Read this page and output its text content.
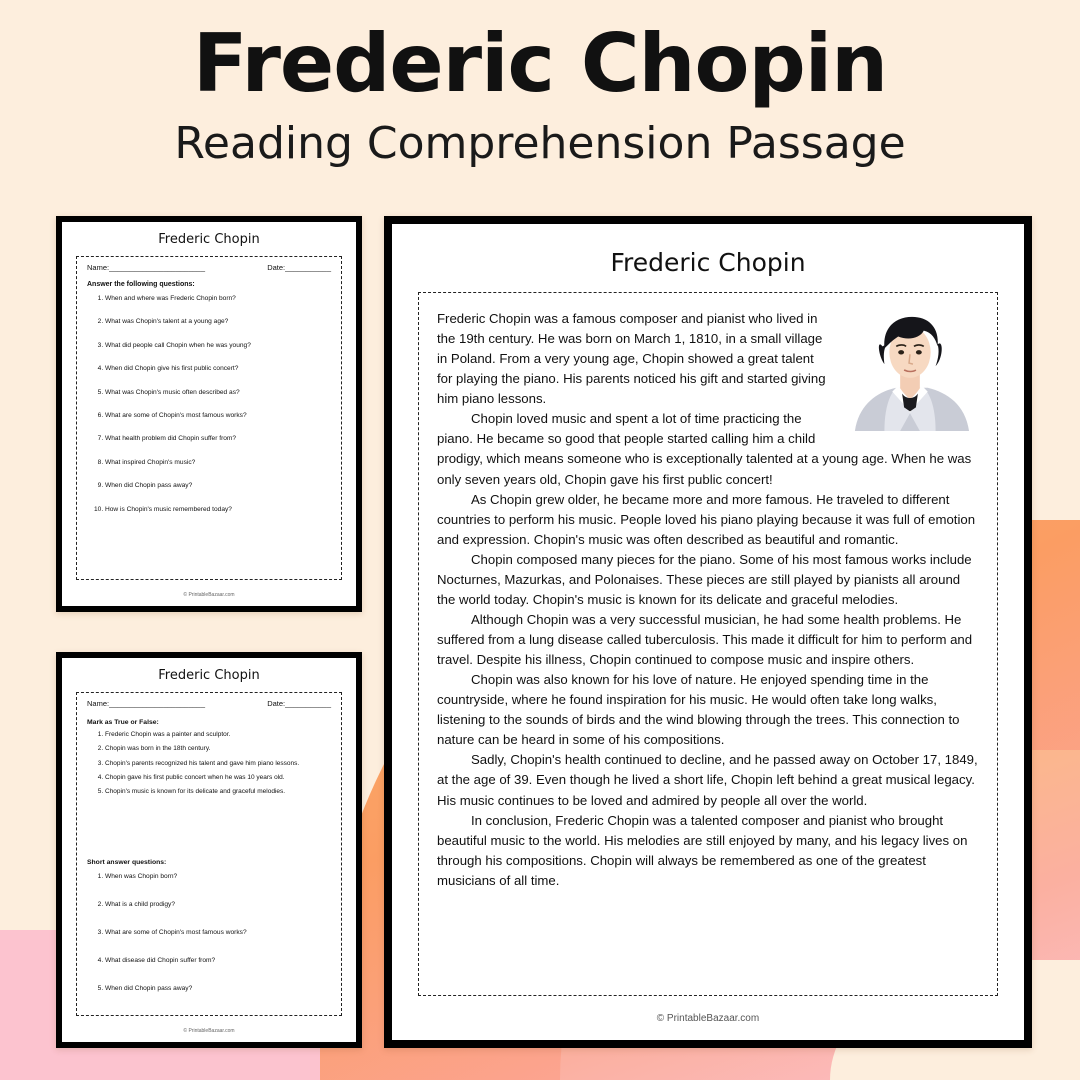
Frederic Chopin
Reading Comprehension Passage
Frederic Chopin
Name:_______________________	Date:___________
Answer the following questions:
1. When and where was Frederic Chopin born?
2. What was Chopin's talent at a young age?
3. What did people call Chopin when he was young?
4. When did Chopin give his first public concert?
5. What was Chopin's music often described as?
6. What are some of Chopin's most famous works?
7. What health problem did Chopin suffer from?
8. What inspired Chopin's music?
9. When did Chopin pass away?
10. How is Chopin's music remembered today?
© PrintableBazaar.com
Frederic Chopin
Name:_______________________	Date:___________
Mark as True or False:
1. Frederic Chopin was a painter and sculptor.
2. Chopin was born in the 18th century.
3. Chopin's parents recognized his talent and gave him piano lessons.
4. Chopin gave his first public concert when he was 10 years old.
5. Chopin's music is known for its delicate and graceful melodies.
Short answer questions:
1. When was Chopin born?
2. What is a child prodigy?
3. What are some of Chopin's most famous works?
4. What disease did Chopin suffer from?
5. When did Chopin pass away?
© PrintableBazaar.com
Frederic Chopin

Frederic Chopin was a famous composer and pianist who lived in the 19th century. He was born on March 1, 1810, in a small village in Poland. From a very young age, Chopin showed a great talent for playing the piano. His parents noticed his gift and started giving him piano lessons.

Chopin loved music and spent a lot of time practicing the piano. He became so good that people started calling him a child prodigy, which means someone who is exceptionally talented at a young age. When he was only seven years old, Chopin gave his first public concert!

As Chopin grew older, he became more and more famous. He traveled to different countries to perform his music. People loved his piano playing because it was full of emotion and expression. Chopin's music was often described as beautiful and romantic.

Chopin composed many pieces for the piano. Some of his most famous works include Nocturnes, Mazurkas, and Polonaises. These pieces are still played by pianists all around the world today. Chopin's music is known for its delicate and graceful melodies.

Although Chopin was a very successful musician, he had some health problems. He suffered from a lung disease called tuberculosis. This made it difficult for him to perform and travel. Despite his illness, Chopin continued to compose music and inspire others.

Chopin was also known for his love of nature. He enjoyed spending time in the countryside, where he found inspiration for his music. He would often take long walks, listening to the sounds of birds and the wind blowing through the trees. This connection to nature can be heard in some of his compositions.

Sadly, Chopin's health continued to decline, and he passed away on October 17, 1849, at the age of 39. Even though he lived a short life, Chopin left behind a great musical legacy. His music continues to be loved and admired by people all over the world.

In conclusion, Frederic Chopin was a talented composer and pianist who brought beautiful music to the world. His melodies are still enjoyed by many, and his legacy lives on through his compositions. Chopin will always be remembered as one of the greatest musicians of all time.

© PrintableBazaar.com
